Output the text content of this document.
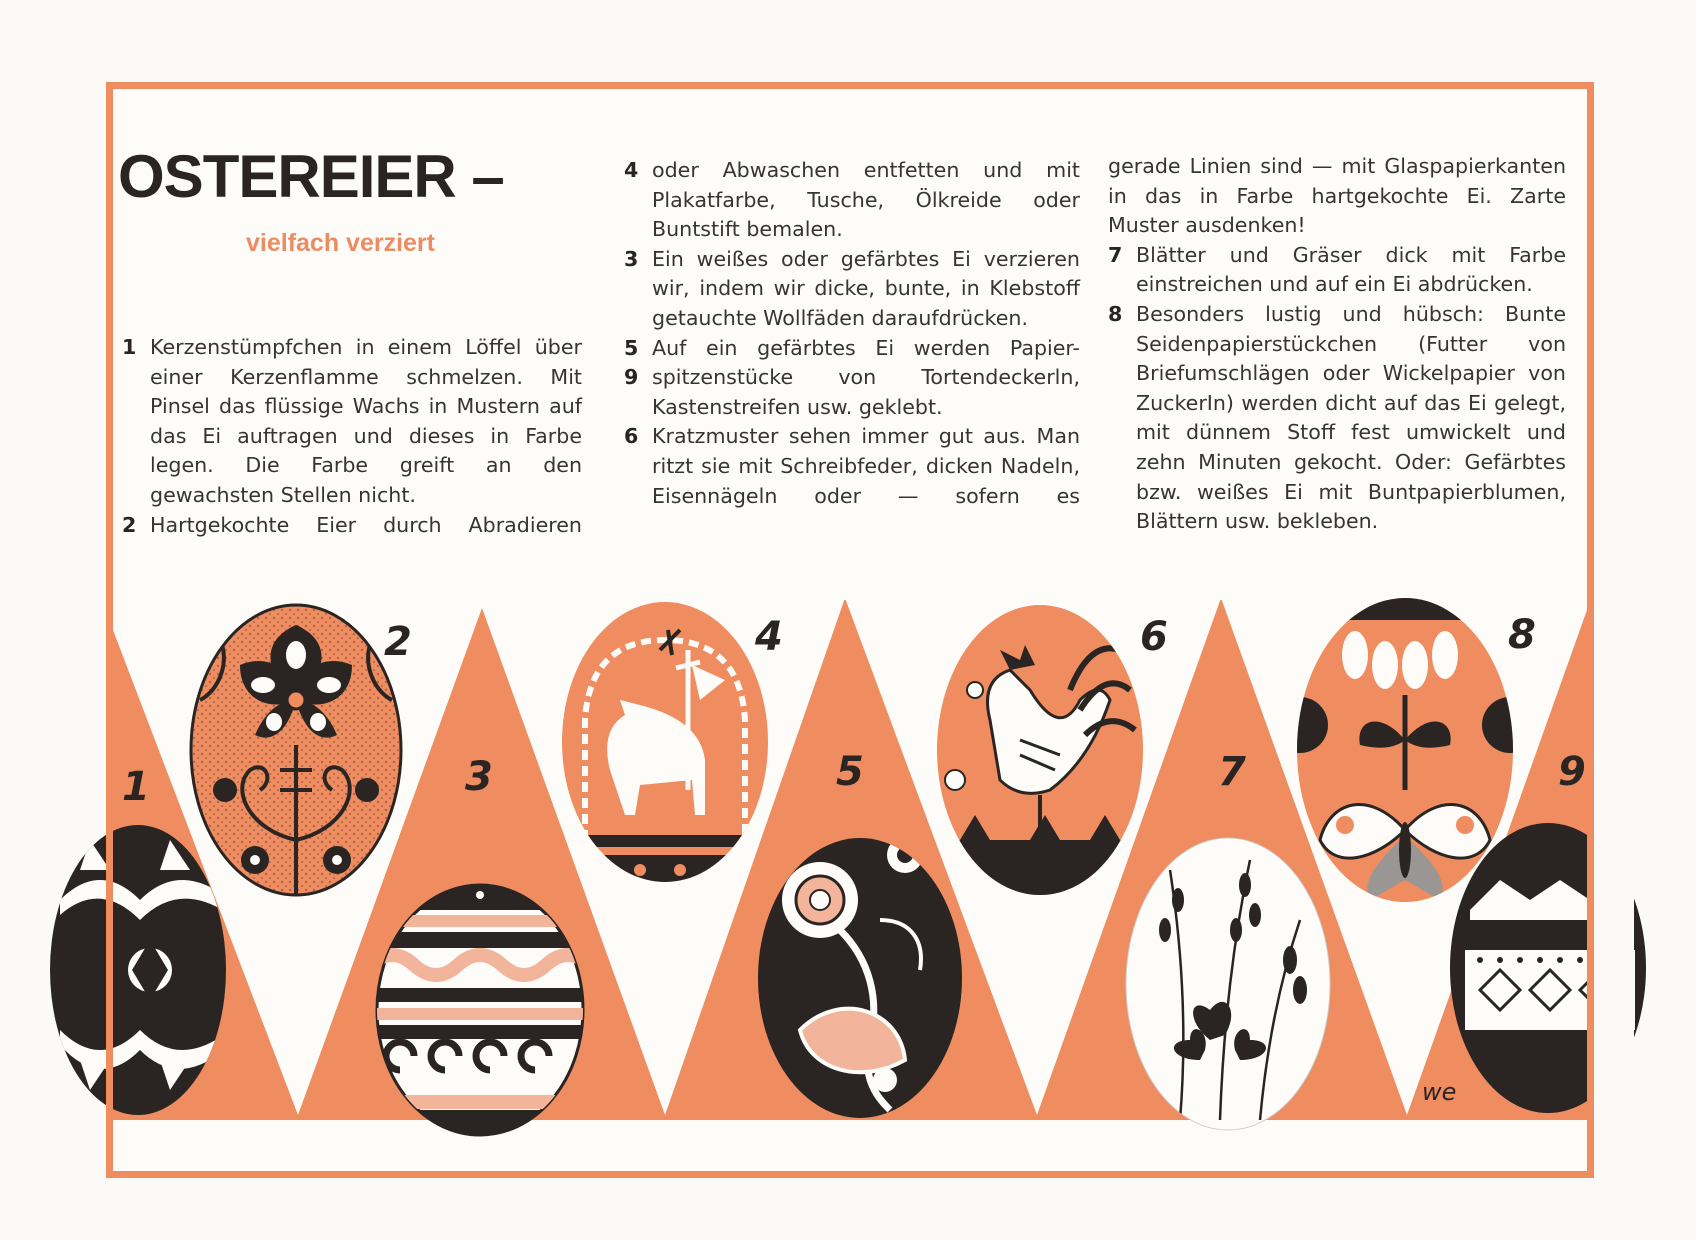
OSTEREIER –
vielfach verziert
1 Kerzenstümpfchen in einem Löffel über einer Kerzenflamme schmelzen. Mit Pinsel das flüssige Wachs in Mustern auf das Ei auftragen und dieses in Farbe legen. Die Farbe greift an den gewachsten Stellen nicht.
2 Hartgekochte Eier durch Abradieren
4 oder Abwaschen entfetten und mit Plakatfarbe, Tusche, Ölkreide oder Buntstift bemalen.
3 Ein weißes oder gefärbtes Ei verzieren wir, indem wir dicke, bunte, in Klebstoff getauchte Wollfäden daraufdrücken.
5 Auf ein gefärbtes Ei werden Papier-
9 spitzenstücke von Tortendeckerln, Kastenstreifen usw. geklebt.
6 Kratzmuster sehen immer gut aus. Man ritzt sie mit Schreibfeder, dicken Nadeln, Eisennägeln oder — sofern es
gerade Linien sind — mit Glaspapierkanten in das in Farbe hartgekochte Ei. Zarte Muster ausdenken!
7 Blätter und Gräser dick mit Farbe einstreichen und auf ein Ei abdrücken.
8 Besonders lustig und hübsch: Bunte Seidenpapierstückchen (Futter von Briefumschlägen oder Wickelpapier von ZuckerIn) werden dicht auf das Ei gelegt, mit dünnem Stoff fest umwickelt und zehn Minuten gekocht. Oder: Gefärbtes bzw. weißes Ei mit Buntpapierblumen, Blättern usw. bekleben.
1
2
3
4
5
6
7
8
9
we
